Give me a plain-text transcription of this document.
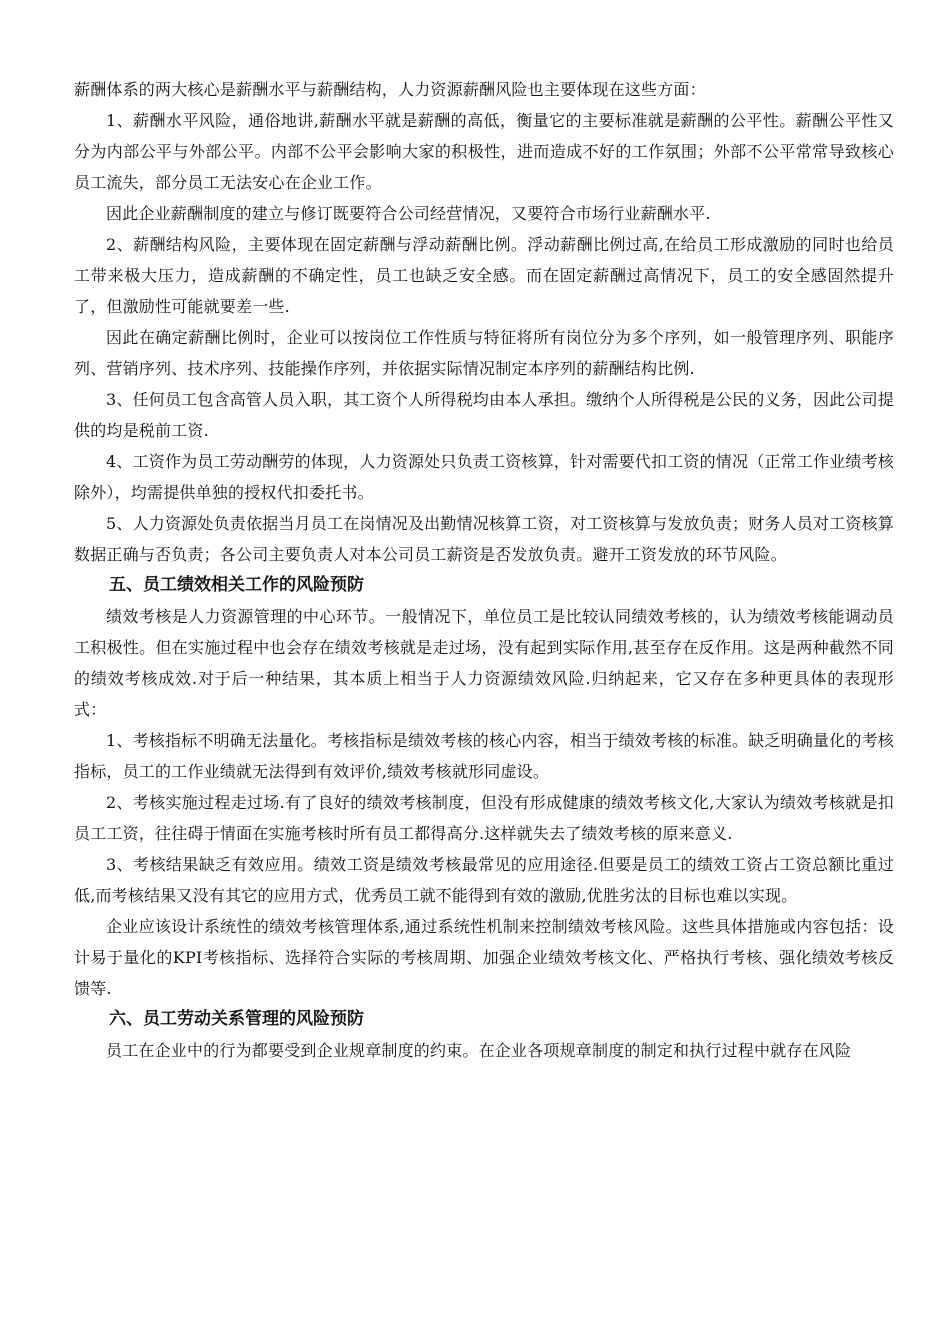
薪酬体系的两大核心是薪酬水平与薪酬结构，人力资源薪酬风险也主要体现在这些方面：

1、薪酬水平风险，通俗地讲,薪酬水平就是薪酬的高低，衡量它的主要标准就是薪酬的公平性。薪酬公平性又分为内部公平与外部公平。内部不公平会影响大家的积极性，进而造成不好的工作氛围；外部不公平常常导致核心员工流失，部分员工无法安心在企业工作。

因此企业薪酬制度的建立与修订既要符合公司经营情况，又要符合市场行业薪酬水平.

2、薪酬结构风险，主要体现在固定薪酬与浮动薪酬比例。浮动薪酬比例过高,在给员工形成激励的同时也给员工带来极大压力，造成薪酬的不确定性，员工也缺乏安全感。而在固定薪酬过高情况下，员工的安全感固然提升了，但激励性可能就要差一些.

因此在确定薪酬比例时，企业可以按岗位工作性质与特征将所有岗位分为多个序列，如一般管理序列、职能序列、营销序列、技术序列、技能操作序列，并依据实际情况制定本序列的薪酬结构比例.

3、任何员工包含高管人员入职，其工资个人所得税均由本人承担。缴纳个人所得税是公民的义务，因此公司提供的均是税前工资.

4、工资作为员工劳动酬劳的体现，人力资源处只负责工资核算，针对需要代扣工资的情况（正常工作业绩考核除外），均需提供单独的授权代扣委托书。

5、人力资源处负责依据当月员工在岗情况及出勤情况核算工资，对工资核算与发放负责；财务人员对工资核算数据正确与否负责；各公司主要负责人对本公司员工薪资是否发放负责。避开工资发放的环节风险。

五、员工绩效相关工作的风险预防

绩效考核是人力资源管理的中心环节。一般情况下，单位员工是比较认同绩效考核的，认为绩效考核能调动员工积极性。但在实施过程中也会存在绩效考核就是走过场，没有起到实际作用,甚至存在反作用。这是两种截然不同的绩效考核成效.对于后一种结果，其本质上相当于人力资源绩效风险.归纳起来，它又存在多种更具体的表现形式：

1、考核指标不明确无法量化。考核指标是绩效考核的核心内容，相当于绩效考核的标准。缺乏明确量化的考核指标，员工的工作业绩就无法得到有效评价,绩效考核就形同虚设。

2、考核实施过程走过场.有了良好的绩效考核制度，但没有形成健康的绩效考核文化,大家认为绩效考核就是扣员工工资，往往碍于情面在实施考核时所有员工都得高分.这样就失去了绩效考核的原来意义.

3、考核结果缺乏有效应用。绩效工资是绩效考核最常见的应用途径.但要是员工的绩效工资占工资总额比重过低,而考核结果又没有其它的应用方式，优秀员工就不能得到有效的激励,优胜劣汰的目标也难以实现。

企业应该设计系统性的绩效考核管理体系,通过系统性机制来控制绩效考核风险。这些具体措施或内容包括：设计易于量化的KPI考核指标、选择符合实际的考核周期、加强企业绩效考核文化、严格执行考核、强化绩效考核反馈等.

六、员工劳动关系管理的风险预防

员工在企业中的行为都要受到企业规章制度的约束。在企业各项规章制度的制定和执行过程中就存在风险
